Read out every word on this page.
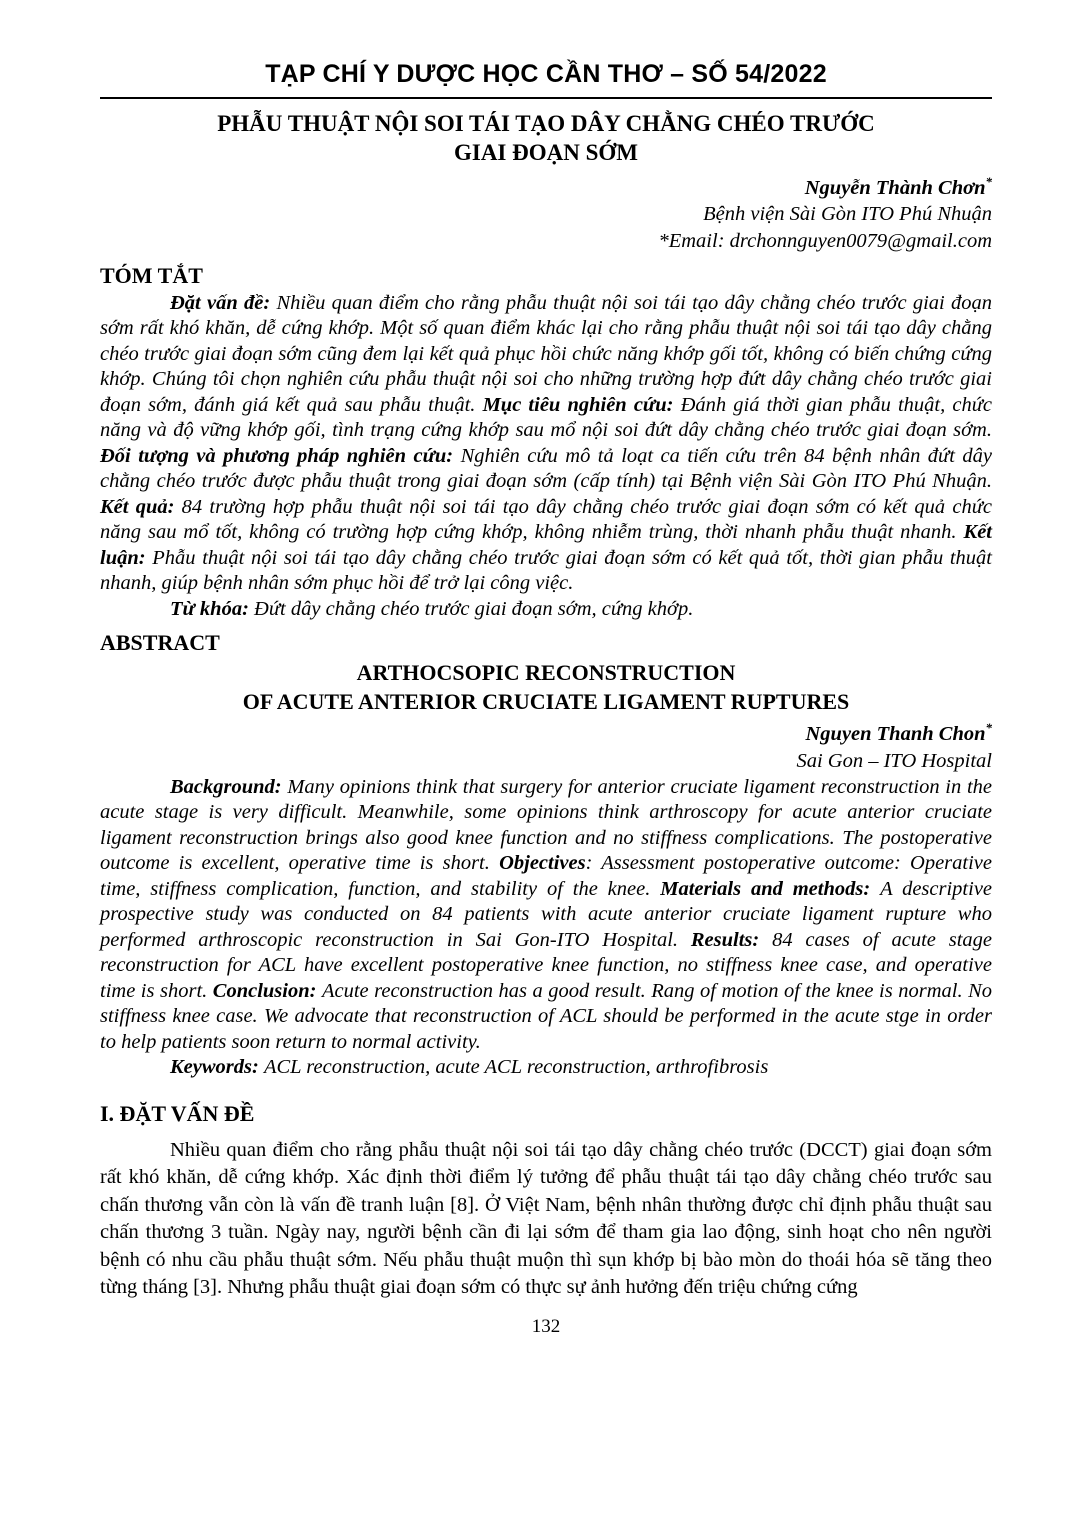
TẠP CHÍ Y DƯỢC HỌC CẦN THƠ – SỐ 54/2022
PHẪU THUẬT NỘI SOI TÁI TẠO DÂY CHẰNG CHÉO TRƯỚC
GIAI ĐOẠN SỚM
Nguyễn Thành Chơn*
Bệnh viện Sài Gòn ITO Phú Nhuận
*Email: drchonnguyen0079@gmail.com
TÓM TẮT

Đặt vấn đề: Nhiều quan điểm cho rằng phẫu thuật nội soi tái tạo dây chằng chéo trước giai đoạn sớm rất khó khăn, dễ cứng khớp. Một số quan điểm khác lại cho rằng phẫu thuật nội soi tái tạo dây chằng chéo trước giai đoạn sớm cũng đem lại kết quả phục hồi chức năng khớp gối tốt, không có biến chứng cứng khớp. Chúng tôi chọn nghiên cứu phẫu thuật nội soi cho những trường hợp đứt dây chằng chéo trước giai đoạn sớm, đánh giá kết quả sau phẫu thuật. Mục tiêu nghiên cứu: Đánh giá thời gian phẫu thuật, chức năng và độ vững khớp gối, tình trạng cứng khớp sau mổ nội soi đứt dây chằng chéo trước giai đoạn sớm. Đối tượng và phương pháp nghiên cứu: Nghiên cứu mô tả loạt ca tiến cứu trên 84 bệnh nhân đứt dây chằng chéo trước được phẫu thuật trong giai đoạn sớm (cấp tính) tại Bệnh viện Sài Gòn ITO Phú Nhuận. Kết quả: 84 trường hợp phẫu thuật nội soi tái tạo dây chằng chéo trước giai đoạn sớm có kết quả chức năng sau mổ tốt, không có trường hợp cứng khớp, không nhiễm trùng, thời nhanh phẫu thuật nhanh. Kết luận: Phẫu thuật nội soi tái tạo dây chằng chéo trước giai đoạn sớm có kết quả tốt, thời gian phẫu thuật nhanh, giúp bệnh nhân sớm phục hồi để trở lại công việc.

Từ khóa: Đứt dây chằng chéo trước giai đoạn sớm, cứng khớp.

ABSTRACT
ARTHOCSOPIC RECONSTRUCTION
OF ACUTE ANTERIOR CRUCIATE LIGAMENT RUPTURES
Nguyen Thanh Chon*
Sai Gon – ITO Hospital

Background: Many opinions think that surgery for anterior cruciate ligament reconstruction in the acute stage is very difficult. Meanwhile, some opinions think arthroscopy for acute anterior cruciate ligament reconstruction brings also good knee function and no stiffness complications. The postoperative outcome is excellent, operative time is short. Objectives: Assessment postoperative outcome: Operative time, stiffness complication, function, and stability of the knee. Materials and methods: A descriptive prospective study was conducted on 84 patients with acute anterior cruciate ligament rupture who performed arthroscopic reconstruction in Sai Gon-ITO Hospital. Results: 84 cases of acute stage reconstruction for ACL have excellent postoperative knee function, no stiffness knee case, and operative time is short. Conclusion: Acute reconstruction has a good result. Rang of motion of the knee is normal. No stiffness knee case. We advocate that reconstruction of ACL should be performed in the acute stge in order to help patients soon return to normal activity.

Keywords: ACL reconstruction, acute ACL reconstruction, arthrofibrosis

I. ĐẶT VẤN ĐỀ

Nhiều quan điểm cho rằng phẫu thuật nội soi tái tạo dây chằng chéo trước (DCCT) giai đoạn sớm rất khó khăn, dễ cứng khớp. Xác định thời điểm lý tưởng để phẫu thuật tái tạo dây chằng chéo trước sau chấn thương vẫn còn là vấn đề tranh luận [8]. Ở Việt Nam, bệnh nhân thường được chỉ định phẫu thuật sau chấn thương 3 tuần. Ngày nay, người bệnh cần đi lại sớm để tham gia lao động, sinh hoạt cho nên người bệnh có nhu cầu phẫu thuật sớm. Nếu phẫu thuật muộn thì sụn khớp bị bào mòn do thoái hóa sẽ tăng theo từng tháng [3]. Nhưng phẫu thuật giai đoạn sớm có thực sự ảnh hưởng đến triệu chứng cứng

132
